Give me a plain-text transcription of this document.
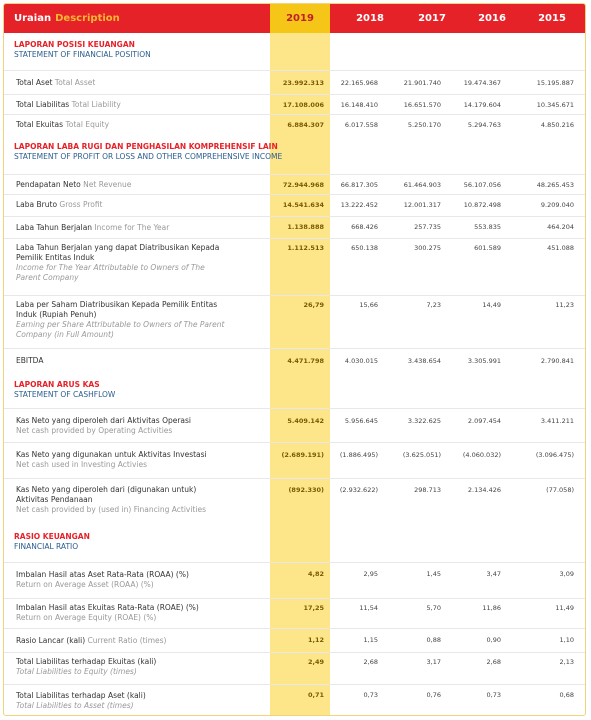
Uraian Description	2019	2018	2017	2016	2015
LAPORAN POSISI KEUANGAN
STATEMENT OF FINANCIAL POSITION
Total Aset Total Asset	23.992.313	22.165.968	21.901.740	19.474.367	15.195.887
Total Liabilitas Total Liability	17.108.006	16.148.410	16.651.570	14.179.604	10.345.671
Total Ekuitas Total Equity	6.884.307	6.017.558	5.250.170	5.294.763	4.850.216
LAPORAN LABA RUGI DAN PENGHASILAN KOMPREHENSIF LAIN
STATEMENT OF PROFIT OR LOSS AND OTHER COMPREHENSIVE INCOME
Pendapatan Neto Net Revenue	72.944.968	66.817.305	61.464.903	56.107.056	48.265.453
Laba Bruto Gross Profit	14.541.634	13.222.452	12.001.317	10.872.498	9.209.040
Laba Tahun Berjalan Income for The Year	1.138.888	668.426	257.735	553.835	464.204
Laba Tahun Berjalan yang dapat Diatribusikan Kepada Pemilik Entitas Induk
Income for The Year Attributable to Owners of The Parent Company
1.112.513	650.138	300.275	601.589	451.088
Laba per Saham Diatribusikan Kepada Pemilik Entitas Induk (Rupiah Penuh)
Earning per Share Attributable to Owners of The Parent Company (in Full Amount)
26,79	15,66	7,23	14,49	11,23
EBITDA	4.471.798	4.030.015	3.438.654	3.305.991	2.790.841
LAPORAN ARUS KAS
STATEMENT OF CASHFLOW
Kas Neto yang diperoleh dari Aktivitas Operasi
Net cash provided by Operating Activities
5.409.142	5.956.645	3.322.625	2.097.454	3.411.211
Kas Neto yang digunakan untuk Aktivitas Investasi
Net cash used in Investing Activies
(2.689.191)	(1.886.495)	(3.625.051)	(4.060.032)	(3.096.475)
Kas Neto yang diperoleh dari (digunakan untuk) Aktivitas Pendanaan
Net cash provided by (used in) Financing Activities
(892.330)	(2.932.622)	298.713	2.134.426	(77.058)
RASIO KEUANGAN
FINANCIAL RATIO
Imbalan Hasil atas Aset Rata-Rata (ROAA) (%)
Return on Average Asset (ROAA) (%)
4,82	2,95	1,45	3,47	3,09
Imbalan Hasil atas Ekuitas Rata-Rata (ROAE) (%)
Return on Average Equity (ROAE) (%)
17,25	11,54	5,70	11,86	11,49
Rasio Lancar (kali) Current Ratio (times)	1,12	1,15	0,88	0,90	1,10
Total Liabilitas terhadap Ekuitas (kali)
Total Liabilities to Equity (times)
2,49	2,68	3,17	2,68	2,13
Total Liabilitas terhadap Aset (kali)
Total Liabilities to Asset (times)
0,71	0,73	0,76	0,73	0,68
